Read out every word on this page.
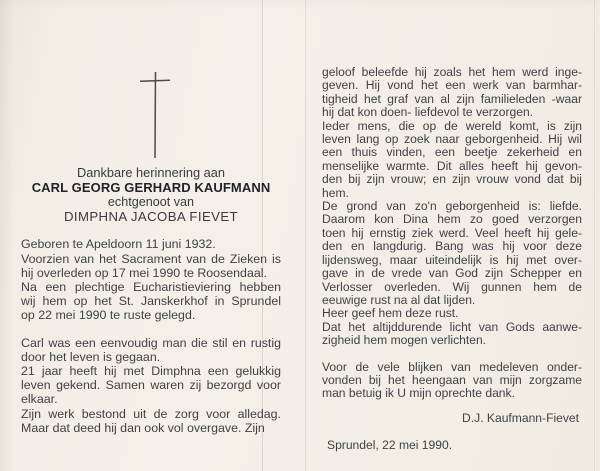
Dankbare herinnering aan
CARL GEORG GERHARD KAUFMANN
echtgenoot van
DIMPHNA JACOBA FIEVET
Geboren te Apeldoorn 11 juni 1932.
Voorzien van het Sacrament van de Zieken is
hij overleden op 17 mei 1990 te Roosendaal.
Na een plechtige Eucharistieviering hebben
wij hem op het St. Janskerkhof in Sprundel
op 22 mei 1990 te ruste gelegd.
Carl was een eenvoudig man die stil en rustig
door het leven is gegaan.
21 jaar heeft hij met Dimphna een gelukkig
leven gekend. Samen waren zij bezorgd voor
elkaar.
Zijn werk bestond uit de zorg voor alledag.
Maar dat deed hij dan ook vol overgave. Zijn
geloof beleefde hij zoals het hem werd inge-
geven. Hij vond het een werk van barmhar-
tigheid het graf van al zijn familieleden -waar
hij dat kon doen- liefdevol te verzorgen.
Ieder mens, die op de wereld komt, is zijn
leven lang op zoek naar geborgenheid. Hij wil
een thuis vinden, een beetje zekerheid en
menselijke warmte. Dit alles heeft hij gevon-
den bij zijn vrouw; en zijn vrouw vond dat bij
hem.
De grond van zo'n geborgenheid is: liefde.
Daarom kon Dina hem zo goed verzorgen
toen hij ernstig ziek werd. Veel heeft hij gele-
den en langdurig. Bang was hij voor deze
lijdensweg, maar uiteindelijk is hij met over-
gave in de vrede van God zijn Schepper en
Verlosser overleden. Wij gunnen hem de
eeuwige rust na al dat lijden.
Heer geef hem deze rust.
Dat het altijddurende licht van Gods aanwe-
zigheid hem mogen verlichten.
Voor de vele blijken van medeleven onder-
vonden bij het heengaan van mijn zorgzame
man betuig ik U mijn oprechte dank.
D.J. Kaufmann-Fievet
Sprundel, 22 mei 1990.
